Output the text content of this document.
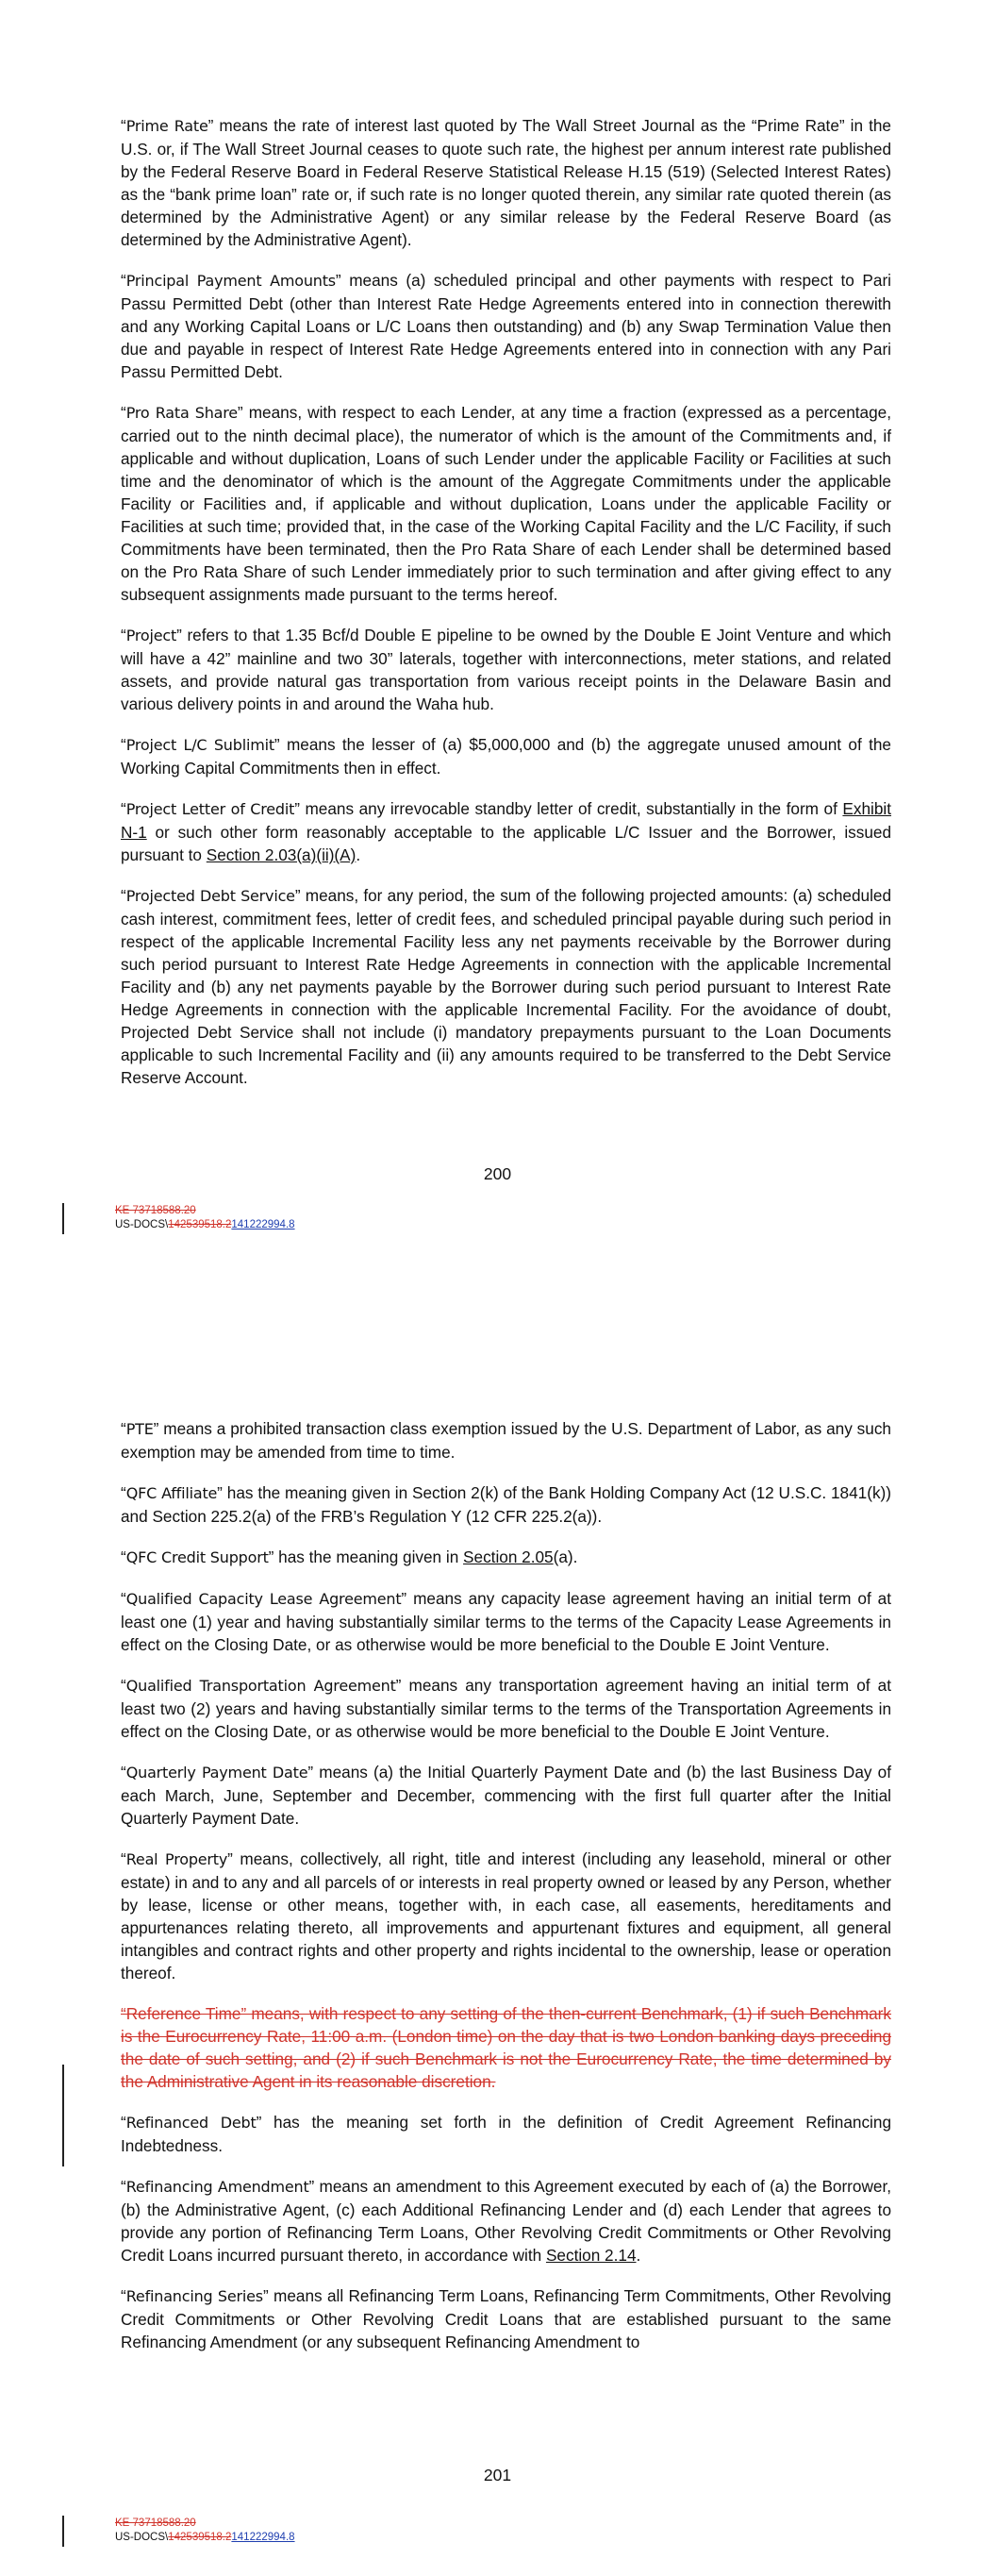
“Prime Rate” means the rate of interest last quoted by The Wall Street Journal as the “Prime Rate” in the U.S. or, if The Wall Street Journal ceases to quote such rate, the highest per annum interest rate published by the Federal Reserve Board in Federal Reserve Statistical Release H.15 (519) (Selected Interest Rates) as the “bank prime loan” rate or, if such rate is no longer quoted therein, any similar rate quoted therein (as determined by the Administrative Agent) or any similar release by the Federal Reserve Board (as determined by the Administrative Agent).

“Principal Payment Amounts” means (a) scheduled principal and other payments with respect to Pari Passu Permitted Debt (other than Interest Rate Hedge Agreements entered into in connection therewith and any Working Capital Loans or L/C Loans then outstanding) and (b) any Swap Termination Value then due and payable in respect of Interest Rate Hedge Agreements entered into in connection with any Pari Passu Permitted Debt.

“Pro Rata Share” means, with respect to each Lender, at any time a fraction (expressed as a percentage, carried out to the ninth decimal place), the numerator of which is the amount of the Commitments and, if applicable and without duplication, Loans of such Lender under the applicable Facility or Facilities at such time and the denominator of which is the amount of the Aggregate Commitments under the applicable Facility or Facilities and, if applicable and without duplication, Loans under the applicable Facility or Facilities at such time; provided that, in the case of the Working Capital Facility and the L/C Facility, if such Commitments have been terminated, then the Pro Rata Share of each Lender shall be determined based on the Pro Rata Share of such Lender immediately prior to such termination and after giving effect to any subsequent assignments made pursuant to the terms hereof.

“Project” refers to that 1.35 Bcf/d Double E pipeline to be owned by the Double E Joint Venture and which will have a 42” mainline and two 30” laterals, together with interconnections, meter stations, and related assets, and provide natural gas transportation from various receipt points in the Delaware Basin and various delivery points in and around the Waha hub.

“Project L/C Sublimit” means the lesser of (a) $5,000,000 and (b) the aggregate unused amount of the Working Capital Commitments then in effect.

“Project Letter of Credit” means any irrevocable standby letter of credit, substantially in the form of Exhibit N-1 or such other form reasonably acceptable to the applicable L/C Issuer and the Borrower, issued pursuant to Section 2.03(a)(ii)(A).

“Projected Debt Service” means, for any period, the sum of the following projected amounts: (a) scheduled cash interest, commitment fees, letter of credit fees, and scheduled principal payable during such period in respect of the applicable Incremental Facility less any net payments receivable by the Borrower during such period pursuant to Interest Rate Hedge Agreements in connection with the applicable Incremental Facility and (b) any net payments payable by the Borrower during such period pursuant to Interest Rate Hedge Agreements in connection with the applicable Incremental Facility. For the avoidance of doubt, Projected Debt Service shall not include (i) mandatory prepayments pursuant to the Loan Documents applicable to such Incremental Facility and (ii) any amounts required to be transferred to the Debt Service Reserve Account.

200
KE 73718588.20
US-DOCS\142539518.2141222994.8

“PTE” means a prohibited transaction class exemption issued by the U.S. Department of Labor, as any such exemption may be amended from time to time.

“QFC Affiliate” has the meaning given in Section 2(k) of the Bank Holding Company Act (12 U.S.C. 1841(k)) and Section 225.2(a) of the FRB’s Regulation Y (12 CFR 225.2(a)).

“QFC Credit Support” has the meaning given in Section 2.05(a).

“Qualified Capacity Lease Agreement” means any capacity lease agreement having an initial term of at least one (1) year and having substantially similar terms to the terms of the Capacity Lease Agreements in effect on the Closing Date, or as otherwise would be more beneficial to the Double E Joint Venture.

“Qualified Transportation Agreement” means any transportation agreement having an initial term of at least two (2) years and having substantially similar terms to the terms of the Transportation Agreements in effect on the Closing Date, or as otherwise would be more beneficial to the Double E Joint Venture.

“Quarterly Payment Date” means (a) the Initial Quarterly Payment Date and (b) the last Business Day of each March, June, September and December, commencing with the first full quarter after the Initial Quarterly Payment Date.

“Real Property” means, collectively, all right, title and interest (including any leasehold, mineral or other estate) in and to any and all parcels of or interests in real property owned or leased by any Person, whether by lease, license or other means, together with, in each case, all easements, hereditaments and appurtenances relating thereto, all improvements and appurtenant fixtures and equipment, all general intangibles and contract rights and other property and rights incidental to the ownership, lease or operation thereof.

“Reference Time” means, with respect to any setting of the then-current Benchmark, (1) if such Benchmark is the Eurocurrency Rate, 11:00 a.m. (London time) on the day that is two London banking days preceding the date of such setting, and (2) if such Benchmark is not the Eurocurrency Rate, the time determined by the Administrative Agent in its reasonable discretion.

“Refinanced Debt” has the meaning set forth in the definition of Credit Agreement Refinancing Indebtedness.

“Refinancing Amendment” means an amendment to this Agreement executed by each of (a) the Borrower, (b) the Administrative Agent, (c) each Additional Refinancing Lender and (d) each Lender that agrees to provide any portion of Refinancing Term Loans, Other Revolving Credit Commitments or Other Revolving Credit Loans incurred pursuant thereto, in accordance with Section 2.14.

“Refinancing Series” means all Refinancing Term Loans, Refinancing Term Commitments, Other Revolving Credit Commitments or Other Revolving Credit Loans that are established pursuant to the same Refinancing Amendment (or any subsequent Refinancing Amendment to

201
KE 73718588.20
US-DOCS\142539518.2141222994.8
